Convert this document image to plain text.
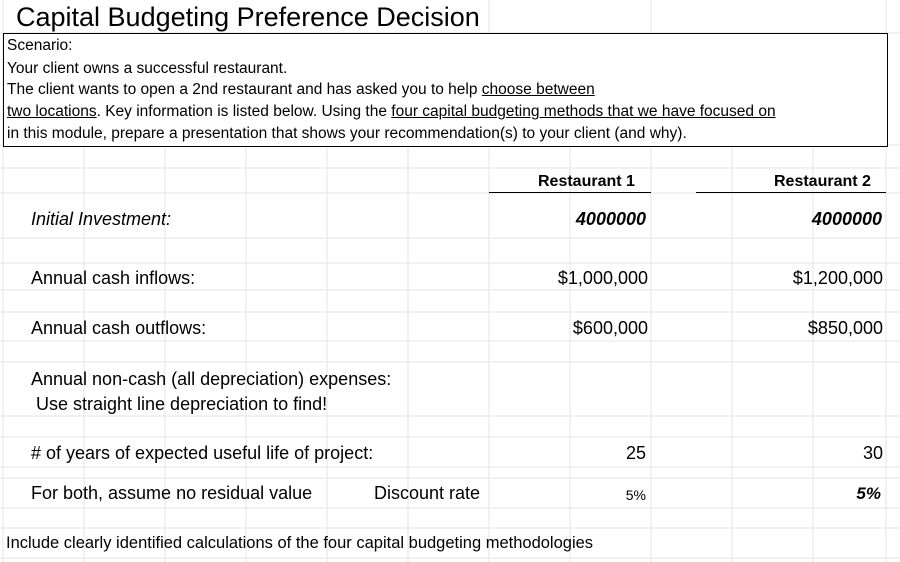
Capital Budgeting Preference Decision
Scenario:
Your client owns a successful restaurant.
The client wants to open a 2nd restaurant and has asked you to help choose between
two locations. Key information is listed below. Using the four capital budgeting methods that we have focused on
in this module, prepare a presentation that shows your recommendation(s) to your client (and why).
Restaurant 1	Restaurant 2
Initial Investment:	4000000	4000000
Annual cash inflows:	$1,000,000	$1,200,000
Annual cash outflows:	$600,000	$850,000
Annual non-cash (all depreciation) expenses:
Use straight line depreciation to find!
# of years of expected useful life of project:	25	30
For both, assume no residual value	Discount rate	5%	5%
Include clearly identified calculations of the four capital budgeting methodologies
